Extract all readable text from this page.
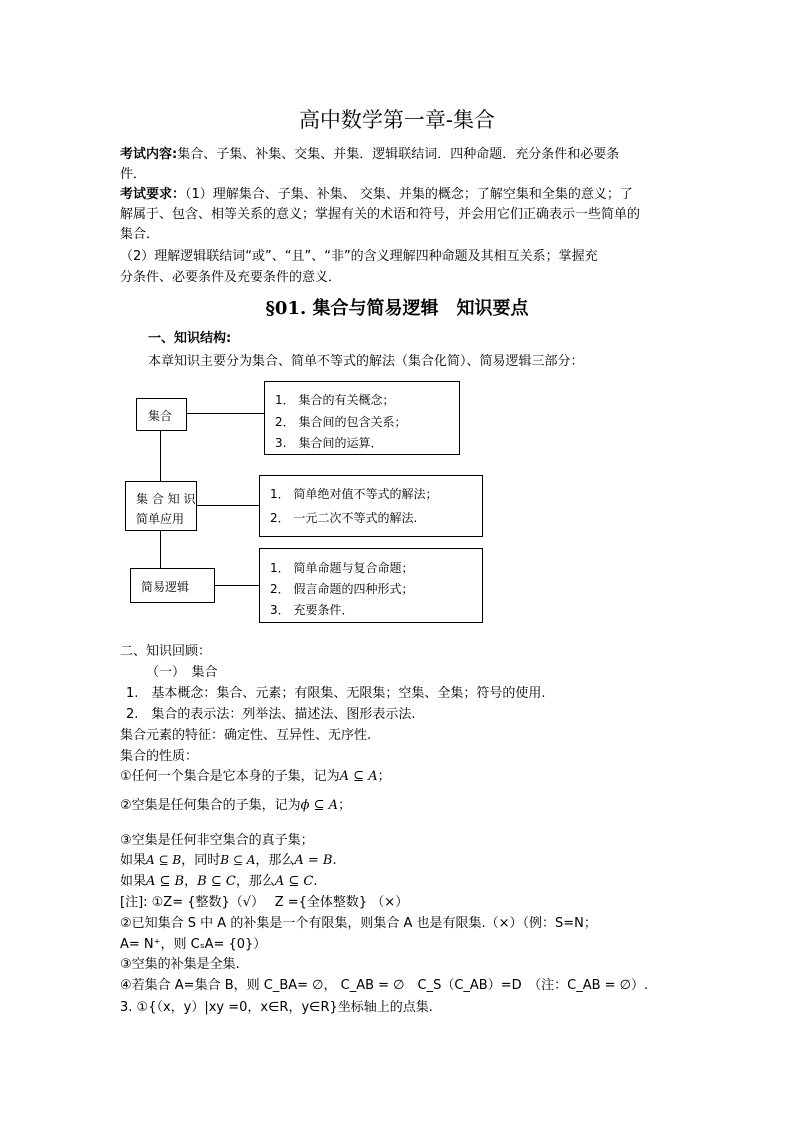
高中数学第一章-集合
考试内容:集合、子集、补集、交集、并集．逻辑联结词．四种命题．充分条件和必要条
件．
考试要求：（1）理解集合、子集、补集、 交集、并集的概念；了解空集和全集的意义；了
解属于、包含、相等关系的意义；掌握有关的术语和符号，并会用它们正确表示一些简单的
集合．
（2）理解逻辑联结词“或”、“且”、“非”的含义理解四种命题及其相互关系；掌握充
分条件、必要条件及充要条件的意义．
§01. 集合与简易逻辑　知识要点
一、知识结构:
本章知识主要分为集合、简单不等式的解法（集合化简）、简易逻辑三部分：
集合
集 合 知 识
简单应用
简易逻辑
1． 集合的有关概念；
2． 集合间的包含关系；
3.　集合间的运算．
1． 简单绝对值不等式的解法；
2． 一元二次不等式的解法.
1． 简单命题与复合命题；
2． 假言命题的四种形式；
3． 充要条件．
二、知识回顾：
（一）　集合
1.　基本概念：集合、元素；有限集、无限集；空集、全集；符号的使用.
2.　集合的表示法：列举法、描述法、图形表示法.
集合元素的特征：确定性、互异性、无序性.
集合的性质：
①任何一个集合是它本身的子集，记为A ⊆ A；
②空集是任何集合的子集，记为ϕ ⊆ A；
③空集是任何非空集合的真子集；
如果A ⊆ B，同时B ⊆ A，那么A = B.
如果A ⊆ B，B ⊆ C，那么A ⊆ C.
[注]: ①Z= {整数}（√）　 Z ={全体整数} （×）
②已知集合 S 中 A 的补集是一个有限集，则集合 A 也是有限集.（×）（例：S=N；
A= N⁺，则 CₛA= {0}）
③空集的补集是全集.
④若集合 A=集合 B，则 C_BA= ∅， C_AB = ∅　C_S（C_AB）=D　（注：C_AB = ∅）.
3. ①{（x，y）|xy =0，x∈R，y∈R}坐标轴上的点集.
